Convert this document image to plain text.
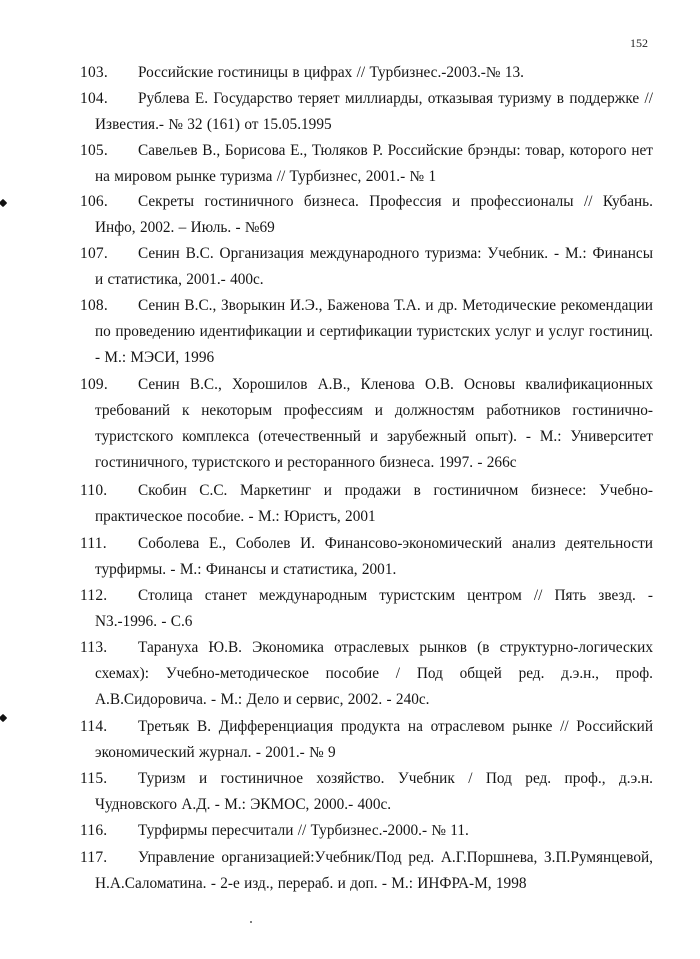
152
103.	Российские гостиницы в цифрах // Турбизнес.-2003.-№ 13.
104.	Рублева Е. Государство теряет миллиарды, отказывая туризму в поддержке // Известия.- № 32 (161) от 15.05.1995
105.	Савельев В., Борисова Е., Тюляков Р. Российские брэнды: товар, которого нет на мировом рынке туризма // Турбизнес, 2001.- № 1
106.	Секреты гостиничного бизнеса. Профессия и профессионалы // Кубань. Инфо, 2002. – Июль. - №69
107.	Сенин В.С. Организация международного туризма: Учебник. - М.: Финансы и статистика, 2001.- 400с.
108.	Сенин В.С., Зворыкин И.Э., Баженова Т.А. и др. Методические рекомендации по проведению идентификации и сертификации туристских услуг и услуг гостиниц. - М.: МЭСИ, 1996
109.	Сенин В.С., Хорошилов А.В., Кленова О.В. Основы квалификационных требований к некоторым профессиям и должностям работников гостинично-туристского комплекса (отечественный и зарубежный опыт). - М.: Университет гостиничного, туристского и ресторанного бизнеса. 1997. - 266с
110.	Скобин С.С. Маркетинг и продажи в гостиничном бизнесе: Учебно-практическое пособие. - М.: Юристъ, 2001
111.	Соболева Е., Соболев И. Финансово-экономический анализ деятельности турфирмы. - М.: Финансы и статистика, 2001.
112.	Столица станет международным туристским центром // Пять звезд. - N3.-1996. - С.6
113.	Тарануха Ю.В. Экономика отраслевых рынков (в структурно-логических схемах): Учебно-методическое пособие / Под общей ред. д.э.н., проф. А.В.Сидоровича. - М.: Дело и сервис, 2002. - 240с.
114.	Третьяк В. Дифференциация продукта на отраслевом рынке // Российский экономический журнал. - 2001.- № 9
115.	Туризм и гостиничное хозяйство. Учебник / Под ред. проф., д.э.н. Чудновского А.Д. - М.: ЭКМОС, 2000.- 400с.
116.	Турфирмы пересчитали // Турбизнес.-2000.- № 11.
117.	Управление организацией:Учебник/Под ред. А.Г.Поршнева, З.П.Румянцевой, Н.А.Саломатина. - 2-е изд., перераб. и доп. - М.: ИНФРА-М, 1998
